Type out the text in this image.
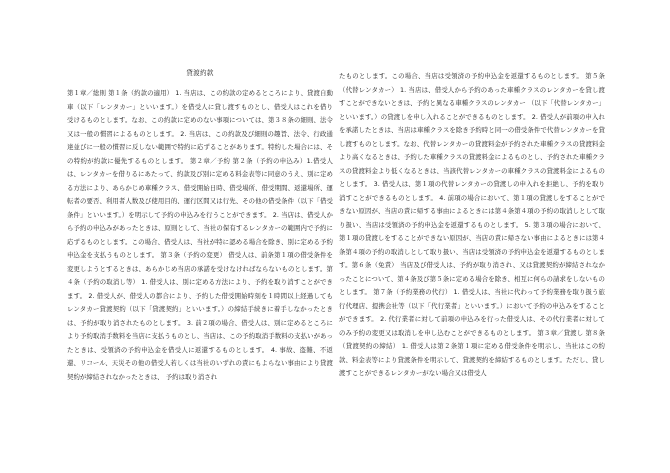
貸渡約款

第１章／総則 第１条（約款の適用） 1. 当店は、この約款の定めるところにより、貸渡自動車（以下「レンタカー」といいます。）を借受人に貸し渡すものとし、借受人はこれを借り 受けるものとします。なお、この約款に定めのない事項については、第３８条の細則、法令又は一般の慣習によるものとします。 2. 当店は、この約款及び細則の趣旨、法令、行政通達並びに一般の慣習に反しない範囲で特約に応ずることがあります。特約した場合には、その特約が約款に優先するものとします。 第２章／予約 第２条（予約の申込み）1.借受人は、レンタカーを借りるにあたって、約款及び別に定める料金表等に同意のうえ、別に定める方法により、あらかじめ車種クラス、借受開始日時、借受場所、借受期間、返還場所、運転者の要否、利用者人数及び使用目的、運行区間又は行先、その他の借受条件（以下「借受条件」といいます。）を明示して予約の申込みを行うことができます。 2. 当店は、借受人から予約の申込みがあったときは、原則として、当社の保有するレンタカーの範囲内で予約に応ずるものとします。この場合、借受人は、当社が特に認める場合を除き、別に定める予約申込金を支払うものとします。 第３条（予約の変更） 借受人は、前条第１項の借受条件を変更しようとするときは、あらかじめ当店の承諾を受けなければならないものとします。第４条（予約の取消し等） 1. 借受人は、別に定める方法により、予約を取り消すことができます。 2. 借受人が、借受人の都合により、予約した借受開始時刻を１時間以上経過してもレンタカー貸渡契約（以下「貸渡契約」といいます。）の締結手続きに着手しなかったときは、予約が取り消されたものとします。 3. 前２項の場合、借受人は、別に定めるところにより予約取消手数料を当店に支払うものとし、当店は、この予約取消手数料の支払いがあったときは、受領済の予約申込金を借受人に返還するものとします。 4. 事故、盗難、不返還、リコール、天災その他の借受人若しくは当社のいずれの責にもよらない事由により貸渡契約が締結されなかったときは、 予約は取り消され

たものとします。この場合、当店は受領済の予約申込金を返還するものとします。 第５条（代替レンタカー） 1. 当店は、借受人から予約のあった車種クラスのレンタカーを貸し渡すことができないときは、予約と異なる車種クラスのレンタカー （以下「代替レンタカー」といいます。）の貸渡しを申し入れることができるものとします。 2. 借受人が前項の申入れを承諾したときは、当店は車種クラスを除き予約時と同一の借受条件で代替レンタカーを貸し渡すものとします。なお、代替レンタカーの貸渡料金が予約された車種クラスの貸渡料金より高くなるときは、予約した車種クラスの貸渡料金によるものとし、予約された車種クラスの貸渡料金より低くなるときは、当該代替レンタカーの車種クラスの貸渡料金によるものとします。 3. 借受人は、第１項の代替レンタカーの貸渡しの申入れを拒絶し、予約を取り消すことができるものとします。 4. 前項の場合において、第１項の貸渡しをすることができない原因が、当店の責に帰する事由によるときには第４条第４項の予約の取消しとして取り扱い、当店は受領済の予約申込金を返還するものとします。 5. 第３項の場合において、第１項の貸渡しをすることができない原因が、当店の責に帰さない事由によるときには第４条第４項の予約の取消しとして取り扱い、当店は受領済の予約申込金を返還するものとします。第６条（免責） 当店及び借受人は、予約が取り消され、又は貸渡契約が締結されなかったことについて、第４条及び第５条に定める場合を除き、相互に何らの請求をしないものとします。 第７条（予約業務の代行） 1. 借受人は、当社に代わって予約業務を取り扱う旅行代理店、提携会社等（以下「代行業者」といいます。）において予約の申込みをすることができます。 2. 代行業者に対して前項の申込みを行った借受人は、その代行業者に対してのみ予約の変更又は取消しを申し込むことができるものとします。 第３章／貸渡し 第８条（貸渡契約の締結） 1. 借受人は第２条第１項に定める借受条件を明示し、当社はこの約款、料金表等により貸渡条件を明示して、貸渡契約を締結するものとします。ただし、貸し渡すことができるレンタカーがない場合又は借受人
